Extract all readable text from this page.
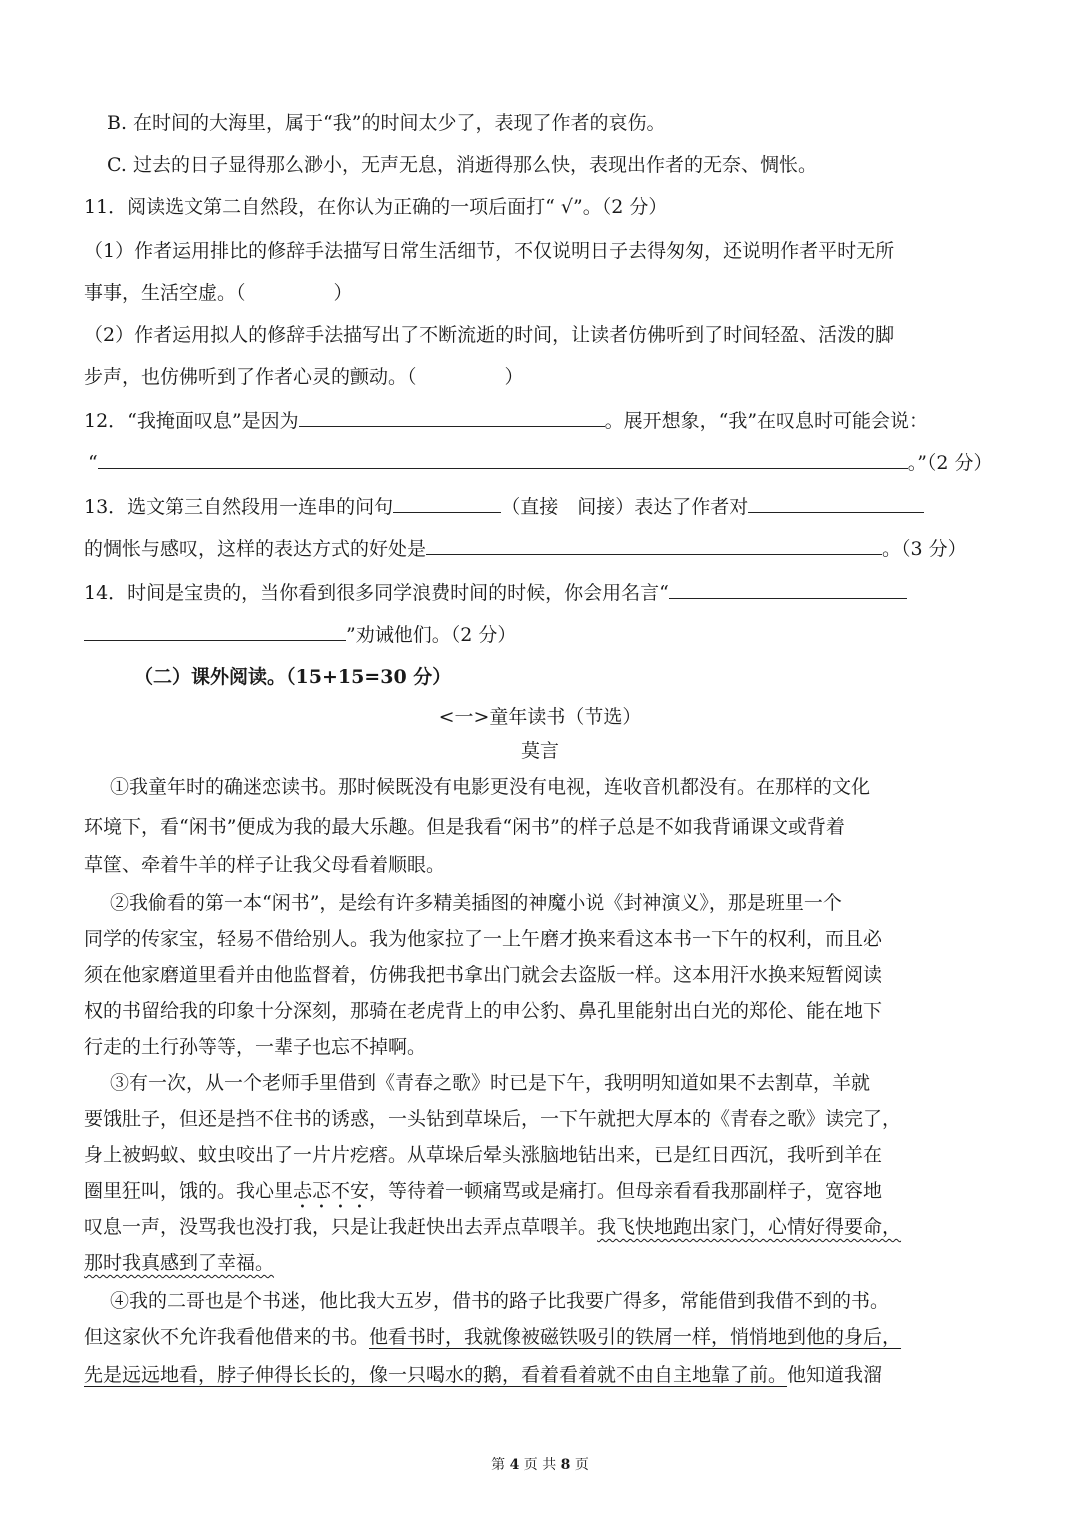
B. 在时间的大海里，属于“我”的时间太少了，表现了作者的哀伤。
C. 过去的日子显得那么渺小，无声无息，消逝得那么快，表现出作者的无奈、惆怅。
11．阅读选文第二自然段，在你认为正确的一项后面打“ √”。（2 分）
（1）作者运用排比的修辞手法描写日常生活细节，不仅说明日子去得匆匆，还说明作者平时无所
事事，生活空虚。（	）
（2）作者运用拟人的修辞手法描写出了不断流逝的时间，让读者仿佛听到了时间轻盈、活泼的脚
步声，也仿佛听到了作者心灵的颤动。（	）
12．“我掩面叹息”是因为	。展开想象，“我”在叹息时可能会说：
“	。”（2 分）
13．选文第三自然段用一连串的问句	（直接　间接）表达了作者对
的惆怅与感叹，这样的表达方式的好处是	。（3 分）
14．时间是宝贵的，当你看到很多同学浪费时间的时候，你会用名言“
”劝诫他们。（2 分）
（二）课外阅读。（15+15=30 分）
<一>童年读书（节选）
莫言
①我童年时的确迷恋读书。那时候既没有电影更没有电视，连收音机都没有。在那样的文化
环境下，看“闲书”便成为我的最大乐趣。但是我看“闲书”的样子总是不如我背诵课文或背着
草筐、牵着牛羊的样子让我父母看着顺眼。
②我偷看的第一本“闲书”，是绘有许多精美插图的神魔小说《封神演义》，那是班里一个
同学的传家宝，轻易不借给别人。我为他家拉了一上午磨才换来看这本书一下午的权利，而且必
须在他家磨道里看并由他监督着，仿佛我把书拿出门就会去盗版一样。这本用汗水换来短暂阅读
权的书留给我的印象十分深刻，那骑在老虎背上的申公豹、鼻孔里能射出白光的郑伦、能在地下
行走的土行孙等等，一辈子也忘不掉啊。
③有一次，从一个老师手里借到《青春之歌》时已是下午，我明明知道如果不去割草，羊就
要饿肚子，但还是挡不住书的诱惑，一头钻到草垛后，一下午就把大厚本的《青春之歌》读完了，
身上被蚂蚁、蚊虫咬出了一片片疙瘩。从草垛后晕头涨脑地钻出来，已是红日西沉，我听到羊在
圈里狂叫，饿的。我心里忐忑不安，等待着一顿痛骂或是痛打。但母亲看看我那副样子，宽容地
叹息一声，没骂我也没打我，只是让我赶快出去弄点草喂羊。我飞快地跑出家门，心情好得要命，
那时我真感到了幸福。
④我的二哥也是个书迷，他比我大五岁，借书的路子比我要广得多，常能借到我借不到的书。
但这家伙不允许我看他借来的书。他看书时，我就像被磁铁吸引的铁屑一样，悄悄地到他的身后，
先是远远地看，脖子伸得长长的，像一只喝水的鹅，看着看着就不由自主地靠了前。他知道我溜
第 4 页 共 8 页
